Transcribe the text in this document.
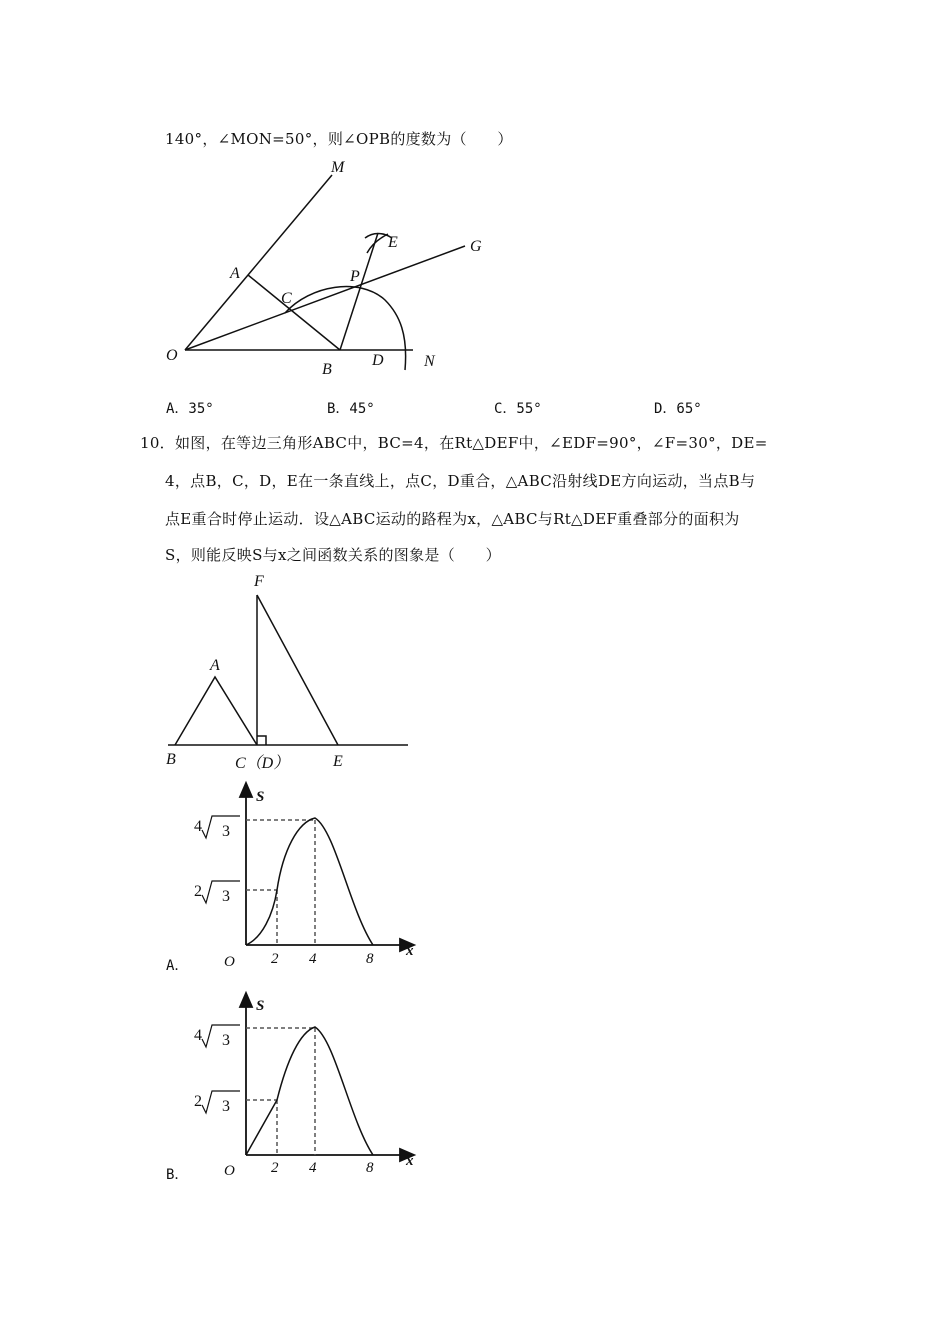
140°，∠MON=50°，则∠OPB的度数为（　　）
M
E	G
A	P
C
O
B
D	N
A．35°	B．45°	C．55°	D．65°
10．如图，在等边三角形ABC中，BC=4，在Rt△DEF中，∠EDF=90°，∠F=30°，DE=
4，点B，C，D，E在一条直线上，点C，D重合，△ABC沿射线DE方向运动，当点B与
点E重合时停止运动．设△ABC运动的路程为x，△ABC与Rt△DEF重叠部分的面积为
S，则能反映S与x之间函数关系的图象是（　　）
F
A
B	C（D）	E
S
x
O 2 4	8
4 3
2 3
A．
S
x
O 2 4	8
4 3
2 3
B．
